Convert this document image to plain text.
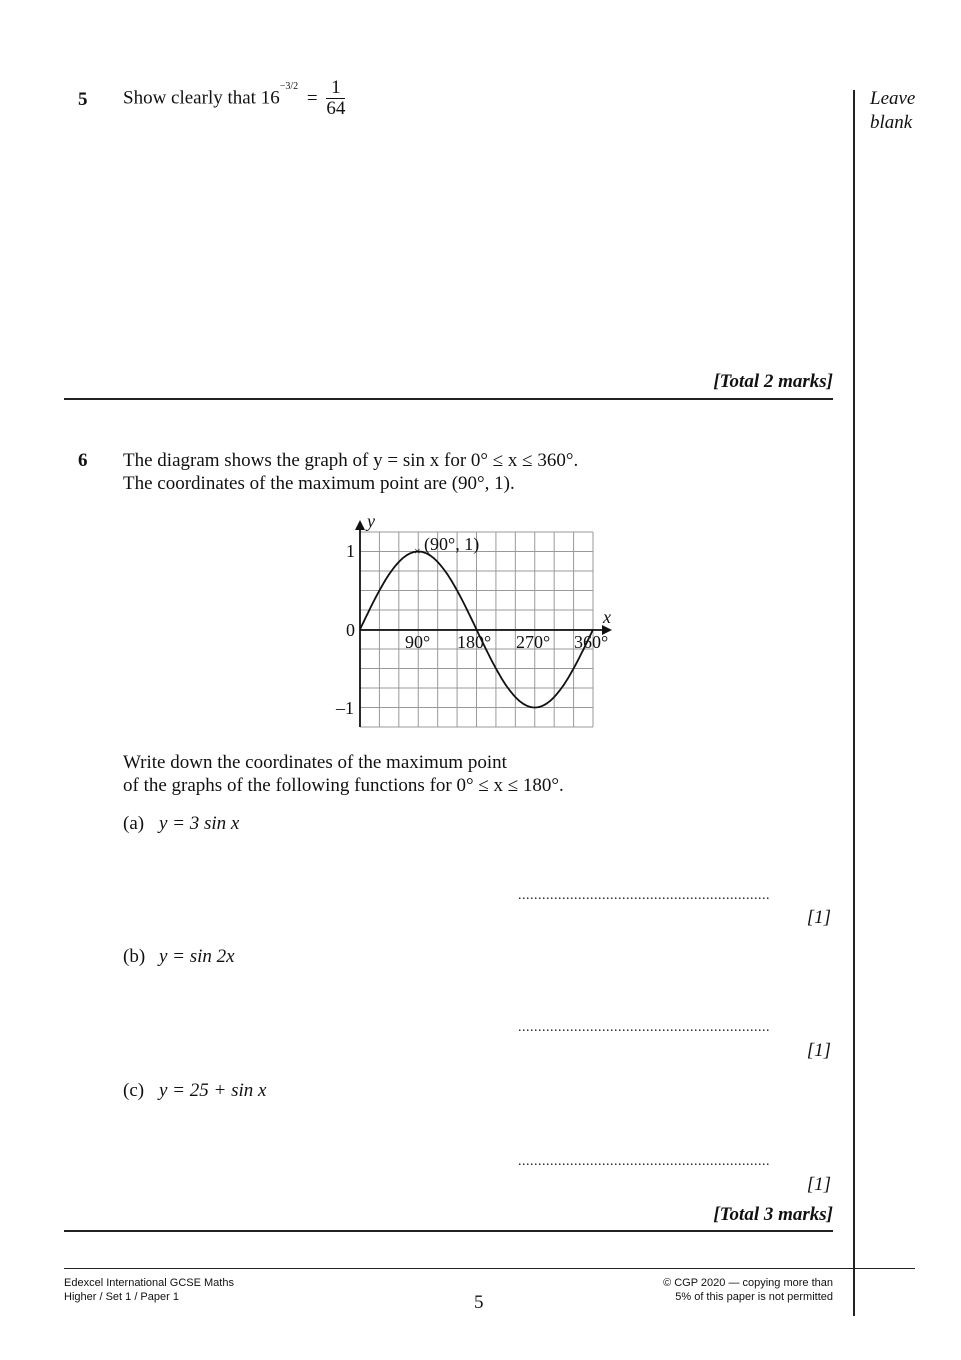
Leave
blank
5 Show clearly that $16^{-3/2} = \frac{1}{64}$
[Total 2 marks]
6 The diagram shows the graph of y = sin x for 0° ≤ x ≤ 360°.
The coordinates of the maximum point are (90°, 1).
× (90°, 1)
y
x
90° 180° 270° 360°
1
0
–1
Write down the coordinates of the maximum point
of the graphs of the following functions for 0° ≤ x ≤ 180°.
(a) y = 3 sin x
...............................................................
[1]
(b) y = sin 2x
...............................................................
[1]
(c) y = 25 + sin x
...............................................................
[1]
[Total 3 marks]
Edexcel International GCSE Maths
Higher / Set 1 / Paper 1	5
© CGP 2020 — copying more than
5% of this paper is not permitted
